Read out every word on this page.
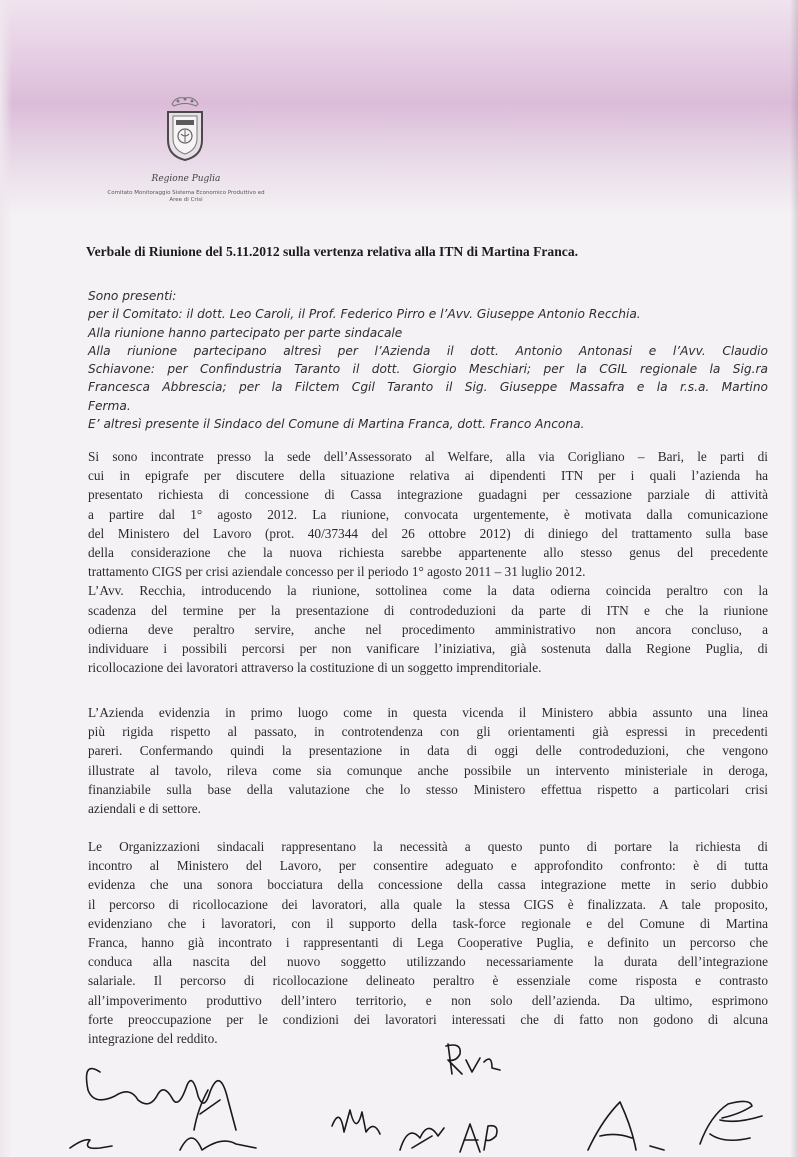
Regione Puglia
Comitato Monitoraggio Sistema Economico Produttivo ed
Aree di Crisi
Verbale di Riunione del 5.11.2012 sulla vertenza relativa alla ITN di Martina Franca.

Sono presenti:

per il Comitato: il dott. Leo Caroli, il Prof. Federico Pirro e l’Avv. Giuseppe Antonio Recchia.

Alla riunione hanno partecipato per parte sindacale

Alla riunione partecipano altresì per l’Azienda il dott. Antonio Antonasi e l’Avv. Claudio

Schiavone: per Confindustria Taranto il dott. Giorgio Meschiari; per la CGIL regionale la Sig.ra

Francesca Abbrescia; per la Filctem Cgil Taranto il Sig. Giuseppe Massafra e la r.s.a. Martino

Ferma.

E’ altresì presente il Sindaco del Comune di Martina Franca, dott. Franco Ancona.

Si sono incontrate presso la sede dell’Assessorato al Welfare, alla via Corigliano – Bari, le parti di

cui in epigrafe per discutere della situazione relativa ai dipendenti ITN per i quali l’azienda ha

presentato richiesta di concessione di Cassa integrazione guadagni per cessazione parziale di attività

a partire dal 1° agosto 2012. La riunione, convocata urgentemente, è motivata dalla comunicazione

del Ministero del Lavoro (prot. 40/37344 del 26 ottobre 2012) di diniego del trattamento sulla base

della considerazione che la nuova richiesta sarebbe appartenente allo stesso genus del precedente

trattamento CIGS per crisi aziendale concesso per il periodo 1° agosto 2011 – 31 luglio 2012.

L’Avv. Recchia, introducendo la riunione, sottolinea come la data odierna coincida peraltro con la

scadenza del termine per la presentazione di controdeduzioni da parte di ITN e che la riunione

odierna deve peraltro servire, anche nel procedimento amministrativo non ancora concluso, a

individuare i possibili percorsi per non vanificare l’iniziativa, già sostenuta dalla Regione Puglia, di

ricollocazione dei lavoratori attraverso la costituzione di un soggetto imprenditoriale.

L’Azienda evidenzia in primo luogo come in questa vicenda il Ministero abbia assunto una linea

più rigida rispetto al passato, in controtendenza con gli orientamenti già espressi in precedenti

pareri. Confermando quindi la presentazione in data di oggi delle controdeduzioni, che vengono

illustrate al tavolo, rileva come sia comunque anche possibile un intervento ministeriale in deroga,

finanziabile sulla base della valutazione che lo stesso Ministero effettua rispetto a particolari crisi

aziendali e di settore.

Le Organizzazioni sindacali rappresentano la necessità a questo punto di portare la richiesta di

incontro al Ministero del Lavoro, per consentire adeguato e approfondito confronto: è di tutta

evidenza che una sonora bocciatura della concessione della cassa integrazione mette in serio dubbio

il percorso di ricollocazione dei lavoratori, alla quale la stessa CIGS è finalizzata. A tale proposito,

evidenziano che i lavoratori, con il supporto della task-force regionale e del Comune di Martina

Franca, hanno già incontrato i rappresentanti di Lega Cooperative Puglia, e definito un percorso che

conduca alla nascita del nuovo soggetto utilizzando necessariamente la durata dell’integrazione

salariale. Il percorso di ricollocazione delineato peraltro è essenziale come risposta e contrasto

all’impoverimento produttivo dell’intero territorio, e non solo dell’azienda. Da ultimo, esprimono

forte preoccupazione per le condizioni dei lavoratori interessati che di fatto non godono di alcuna

integrazione del reddito.
